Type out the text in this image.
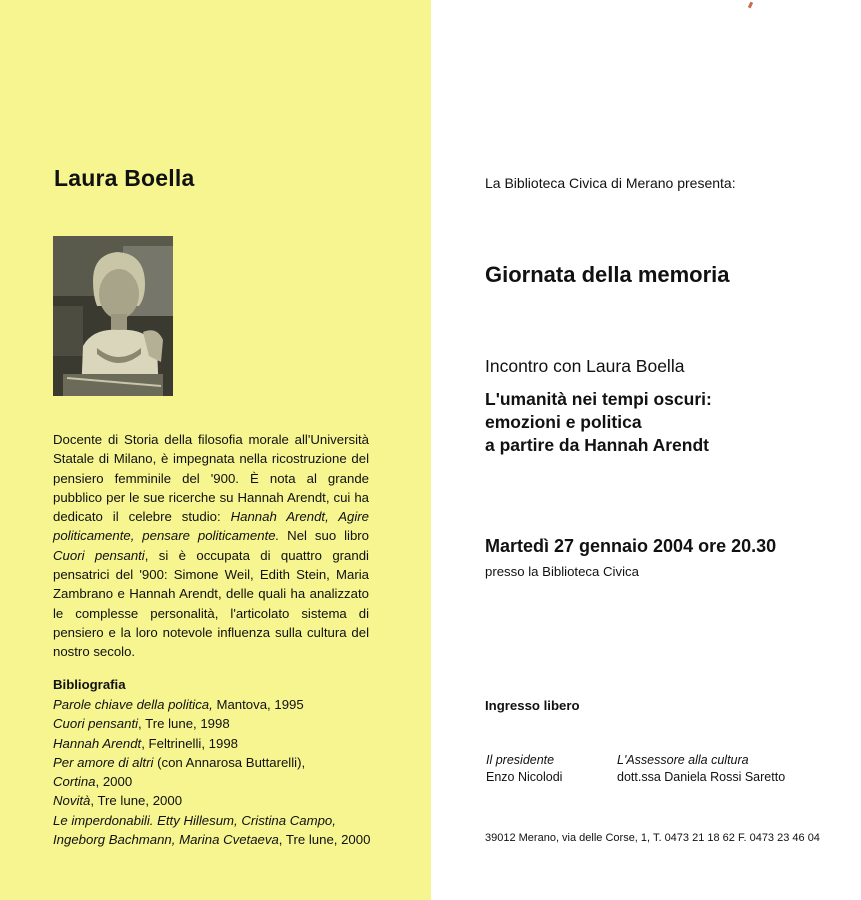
Laura Boella
Docente di Storia della filosofia morale all'Università Statale di Milano, è impegnata nella ricostruzione del pensiero femminile del '900. È nota al grande pubblico per le sue ricerche su Hannah Arendt, cui ha dedicato il celebre studio: Hannah Arendt, Agire politicamente, pensare politicamente. Nel suo libro Cuori pensanti, si è occupata di quattro grandi pensatrici del '900: Simone Weil, Edith Stein, Maria Zambrano e Hannah Arendt, delle quali ha analizzato le complesse personalità, l'articolato sistema di pensiero e la loro notevole influenza sulla cultura del nostro secolo.
Bibliografia
Parole chiave della politica, Mantova, 1995
Cuori pensanti, Tre lune, 1998
Hannah Arendt, Feltrinelli, 1998
Per amore di altri (con Annarosa Buttarelli),
Cortina, 2000
Novità, Tre lune, 2000
Le imperdonabili. Etty Hillesum, Cristina Campo,
Ingeborg Bachmann, Marina Cvetaeva, Tre lune, 2000
La Biblioteca Civica di Merano presenta:
Giornata della memoria
Incontro con Laura Boella
L'umanità nei tempi oscuri:
emozioni e politica
a partire da Hannah Arendt
Martedì 27 gennaio 2004 ore 20.30
presso la Biblioteca Civica
Ingresso libero
Il presidente
Enzo Nicolodi
L'Assessore alla cultura
dott.ssa Daniela Rossi Saretto
39012 Merano, via delle Corse, 1, T. 0473 21 18 62 F. 0473 23 46 04
